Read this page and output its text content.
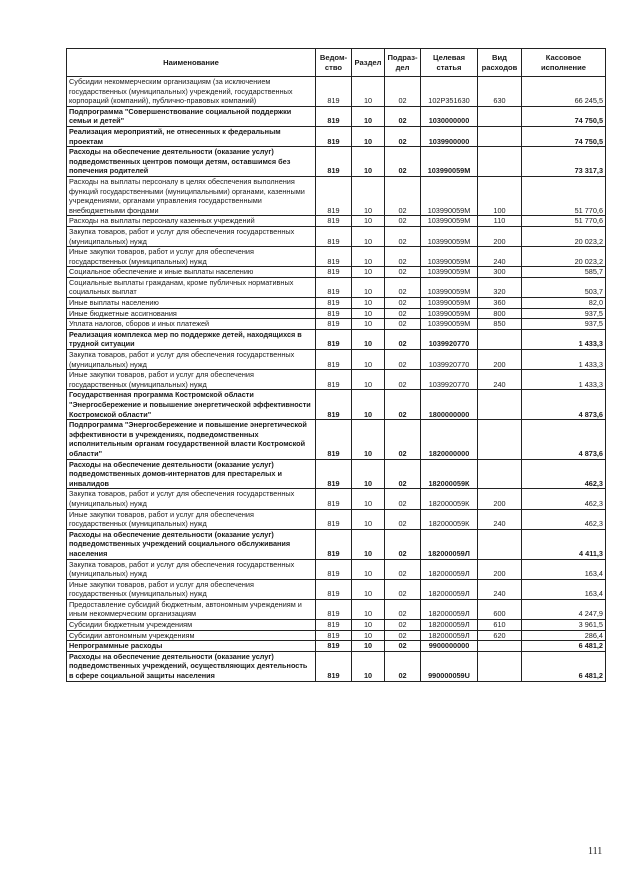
Наименование	Ведом-ство	Раздел	Подраз-дел	Целевая статья	Вид расходов	Кассовое исполнение
Субсидии некоммерческим организациям (за исключением государственных (муниципальных) учреждений, государственных корпораций (компаний), публично-правовых компаний)	819	10	02	102P351630	630	66 245,5
Подпрограмма "Совершенствование социальной поддержки семьи и детей"	819	10	02	1030000000		74 750,5
Реализация мероприятий, не отнесенных к федеральным проектам	819	10	02	1039900000		74 750,5
Расходы на обеспечение деятельности (оказание услуг) подведомственных центров помощи детям, оставшимся без попечения родителей	819	10	02	103990059М		73 317,3
Расходы на выплаты персоналу в целях обеспечения выполнения функций государственными (муниципальными) органами, казенными учреждениями, органами управления государственными внебюджетными фондами	819	10	02	103990059М	100	51 770,6
Расходы на выплаты персоналу казенных учреждений	819	10	02	103990059М	110	51 770,6
Закупка товаров, работ и услуг для обеспечения государственных (муниципальных) нужд	819	10	02	103990059М	200	20 023,2
Иные закупки товаров, работ и услуг для обеспечения государственных (муниципальных) нужд	819	10	02	103990059М	240	20 023,2
Социальное обеспечение и иные выплаты населению	819	10	02	103990059М	300	585,7
Социальные выплаты гражданам, кроме публичных нормативных социальных выплат	819	10	02	103990059М	320	503,7
Иные выплаты населению	819	10	02	103990059М	360	82,0
Иные бюджетные ассигнования	819	10	02	103990059М	800	937,5
Уплата налогов, сборов и иных платежей	819	10	02	103990059М	850	937,5
Реализация комплекса мер по поддержке детей, находящихся в трудной ситуации	819	10	02	1039920770		1 433,3
Закупка товаров, работ и услуг для обеспечения государственных (муниципальных) нужд	819	10	02	1039920770	200	1 433,3
Иные закупки товаров, работ и услуг для обеспечения государственных (муниципальных) нужд	819	10	02	1039920770	240	1 433,3
Государственная программа Костромской области "Энергосбережение и повышение энергетической эффективности Костромской области"	819	10	02	1800000000		4 873,6
Подпрограмма "Энергосбережение и повышение энергетической эффективности в учреждениях, подведомственных исполнительным органам государственной власти Костромской области"	819	10	02	1820000000		4 873,6
Расходы на обеспечение деятельности (оказание услуг) подведомственных домов-интернатов для престарелых и инвалидов	819	10	02	182000059К		462,3
Закупка товаров, работ и услуг для обеспечения государственных (муниципальных) нужд	819	10	02	182000059К	200	462,3
Иные закупки товаров, работ и услуг для обеспечения государственных (муниципальных) нужд	819	10	02	182000059К	240	462,3
Расходы на обеспечение деятельности (оказание услуг) подведомственных учреждений социального обслуживания населения	819	10	02	182000059Л		4 411,3
Закупка товаров, работ и услуг для обеспечения государственных (муниципальных) нужд	819	10	02	182000059Л	200	163,4
Иные закупки товаров, работ и услуг для обеспечения государственных (муниципальных) нужд	819	10	02	182000059Л	240	163,4
Предоставление субсидий бюджетным, автономным учреждениям и иным некоммерческим организациям	819	10	02	182000059Л	600	4 247,9
Субсидии бюджетным учреждениям	819	10	02	182000059Л	610	3 961,5
Субсидии автономным учреждениям	819	10	02	182000059Л	620	286,4
Непрограммные расходы	819	10	02	9900000000		6 481,2
Расходы на обеспечение деятельности (оказание услуг) подведомственных учреждений, осуществляющих деятельность в сфере социальной защиты населения	819	10	02	990000059U		6 481,2
111
